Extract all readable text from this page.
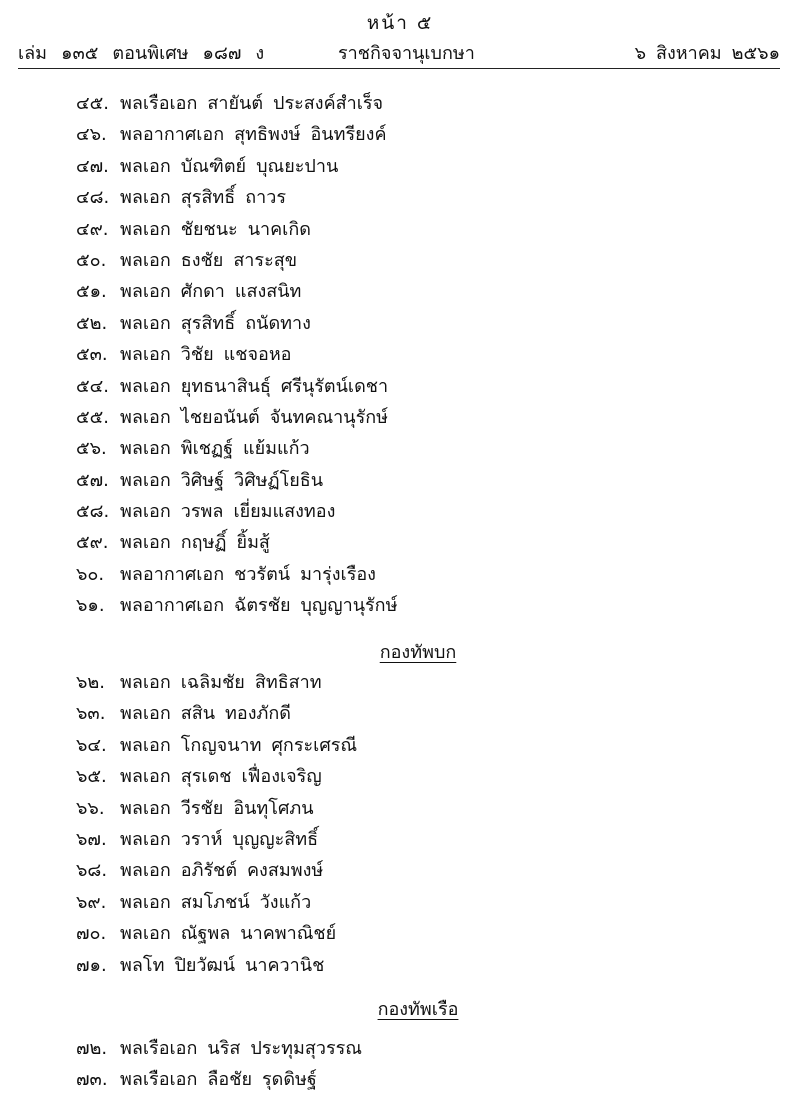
หน้า ๕
เล่ม ๑๓๕ ตอนพิเศษ ๑๘๗ ง	ราชกิจจานุเบกษา	๖ สิงหาคม ๒๕๖๑
๔๕. พลเรือเอก สายันต์ ประสงค์สำเร็จ
๔๖. พลอากาศเอก สุทธิพงษ์ อินทรียงค์
๔๗. พลเอก บัณฑิตย์ บุณยะปาน
๔๘. พลเอก สุรสิทธิ์ ถาวร
๔๙. พลเอก ชัยชนะ นาคเกิด
๕๐. พลเอก ธงชัย สาระสุข
๕๑. พลเอก ศักดา แสงสนิท
๕๒. พลเอก สุรสิทธิ์ ถนัดทาง
๕๓. พลเอก วิชัย แชจอหอ
๕๔. พลเอก ยุทธนาสินธุ์ ศรีนุรัตน์เดชา
๕๕. พลเอก ไชยอนันต์ จันทคณานุรักษ์
๕๖. พลเอก พิเชฏฐ์ แย้มแก้ว
๕๗. พลเอก วิศิษฐ์ วิศิษฏ์โยธิน
๕๘. พลเอก วรพล เยี่ยมแสงทอง
๕๙. พลเอก กฤษฏิ์ ยิ้มสู้
๖๐. พลอากาศเอก ชวรัตน์ มารุ่งเรือง
๖๑. พลอากาศเอก ฉัตรชัย บุญญานุรักษ์
กองทัพบก
๖๒. พลเอก เฉลิมชัย สิทธิสาท
๖๓. พลเอก สสิน ทองภักดี
๖๔. พลเอก โกญจนาท ศุกระเศรณี
๖๕. พลเอก สุรเดช เฟื่องเจริญ
๖๖. พลเอก วีรชัย อินทุโศภน
๖๗. พลเอก วราห์ บุญญะสิทธิ์
๖๘. พลเอก อภิรัชต์ คงสมพงษ์
๖๙. พลเอก สมโภชน์ วังแก้ว
๗๐. พลเอก ณัฐพล นาคพาณิชย์
๗๑. พลโท ปิยวัฒน์ นาควานิช
กองทัพเรือ
๗๒. พลเรือเอก นริส ประทุมสุวรรณ
๗๓. พลเรือเอก ลือชัย รุดดิษฐ์
